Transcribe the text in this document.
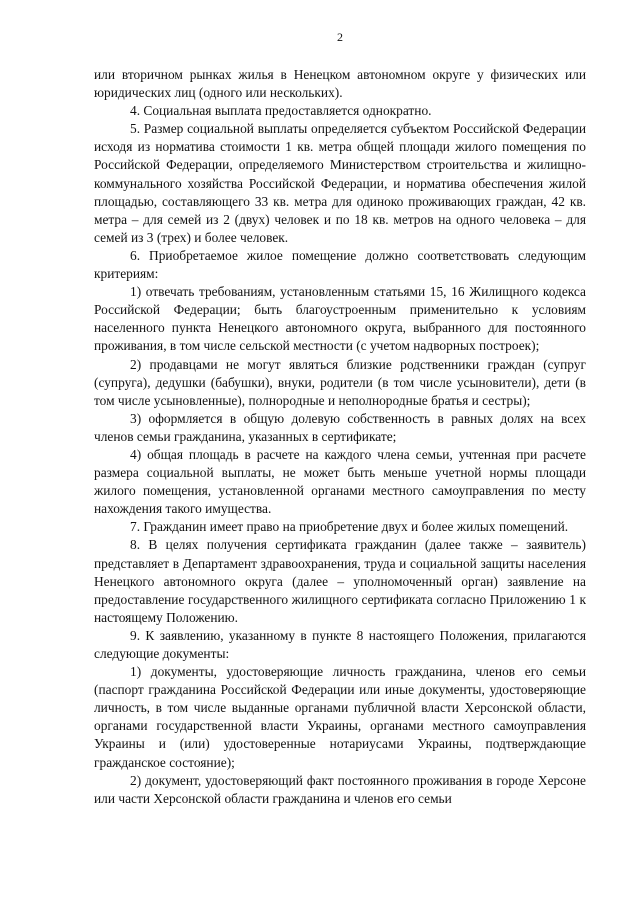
2

или вторичном рынках жилья в Ненецком автономном округе у физических или юридических лиц (одного или нескольких).

4. Социальная выплата предоставляется однократно.

5. Размер социальной выплаты определяется субъектом Российской Федерации исходя из норматива стоимости 1 кв. метра общей площади жилого помещения по Российской Федерации, определяемого Министерством строительства и жилищно-коммунального хозяйства Российской Федерации, и норматива обеспечения жилой площадью, составляющего 33 кв. метра для одиноко проживающих граждан, 42 кв. метра – для семей из 2 (двух) человек и по 18 кв. метров на одного человека – для семей из 3 (трех) и более человек.

6. Приобретаемое жилое помещение должно соответствовать следующим критериям:

1) отвечать требованиям, установленным статьями 15, 16 Жилищного кодекса Российской Федерации; быть благоустроенным применительно к условиям населенного пункта Ненецкого автономного округа, выбранного для постоянного проживания, в том числе сельской местности (с учетом надворных построек);

2) продавцами не могут являться близкие родственники граждан (супруг (супруга), дедушки (бабушки), внуки, родители (в том числе усыновители), дети (в том числе усыновленные), полнородные и неполнородные братья и сестры);

3) оформляется в общую долевую собственность в равных долях на всех членов семьи гражданина, указанных в сертификате;

4) общая площадь в расчете на каждого члена семьи, учтенная при расчете размера социальной выплаты, не может быть меньше учетной нормы площади жилого помещения, установленной органами местного самоуправления по месту нахождения такого имущества.

7. Гражданин имеет право на приобретение двух и более жилых помещений.

8. В целях получения сертификата гражданин (далее также – заявитель) представляет в Департамент здравоохранения, труда и социальной защиты населения Ненецкого автономного округа (далее – уполномоченный орган) заявление на предоставление государственного жилищного сертификата согласно Приложению 1 к настоящему Положению.

9. К заявлению, указанному в пункте 8 настоящего Положения, прилагаются следующие документы:

1) документы, удостоверяющие личность гражданина, членов его семьи (паспорт гражданина Российской Федерации или иные документы, удостоверяющие личность, в том числе выданные органами публичной власти Херсонской области, органами государственной власти Украины, органами местного самоуправления Украины и (или) удостоверенные нотариусами Украины, подтверждающие гражданское состояние);

2) документ, удостоверяющий факт постоянного проживания в городе Херсоне или части Херсонской области гражданина и членов его семьи
